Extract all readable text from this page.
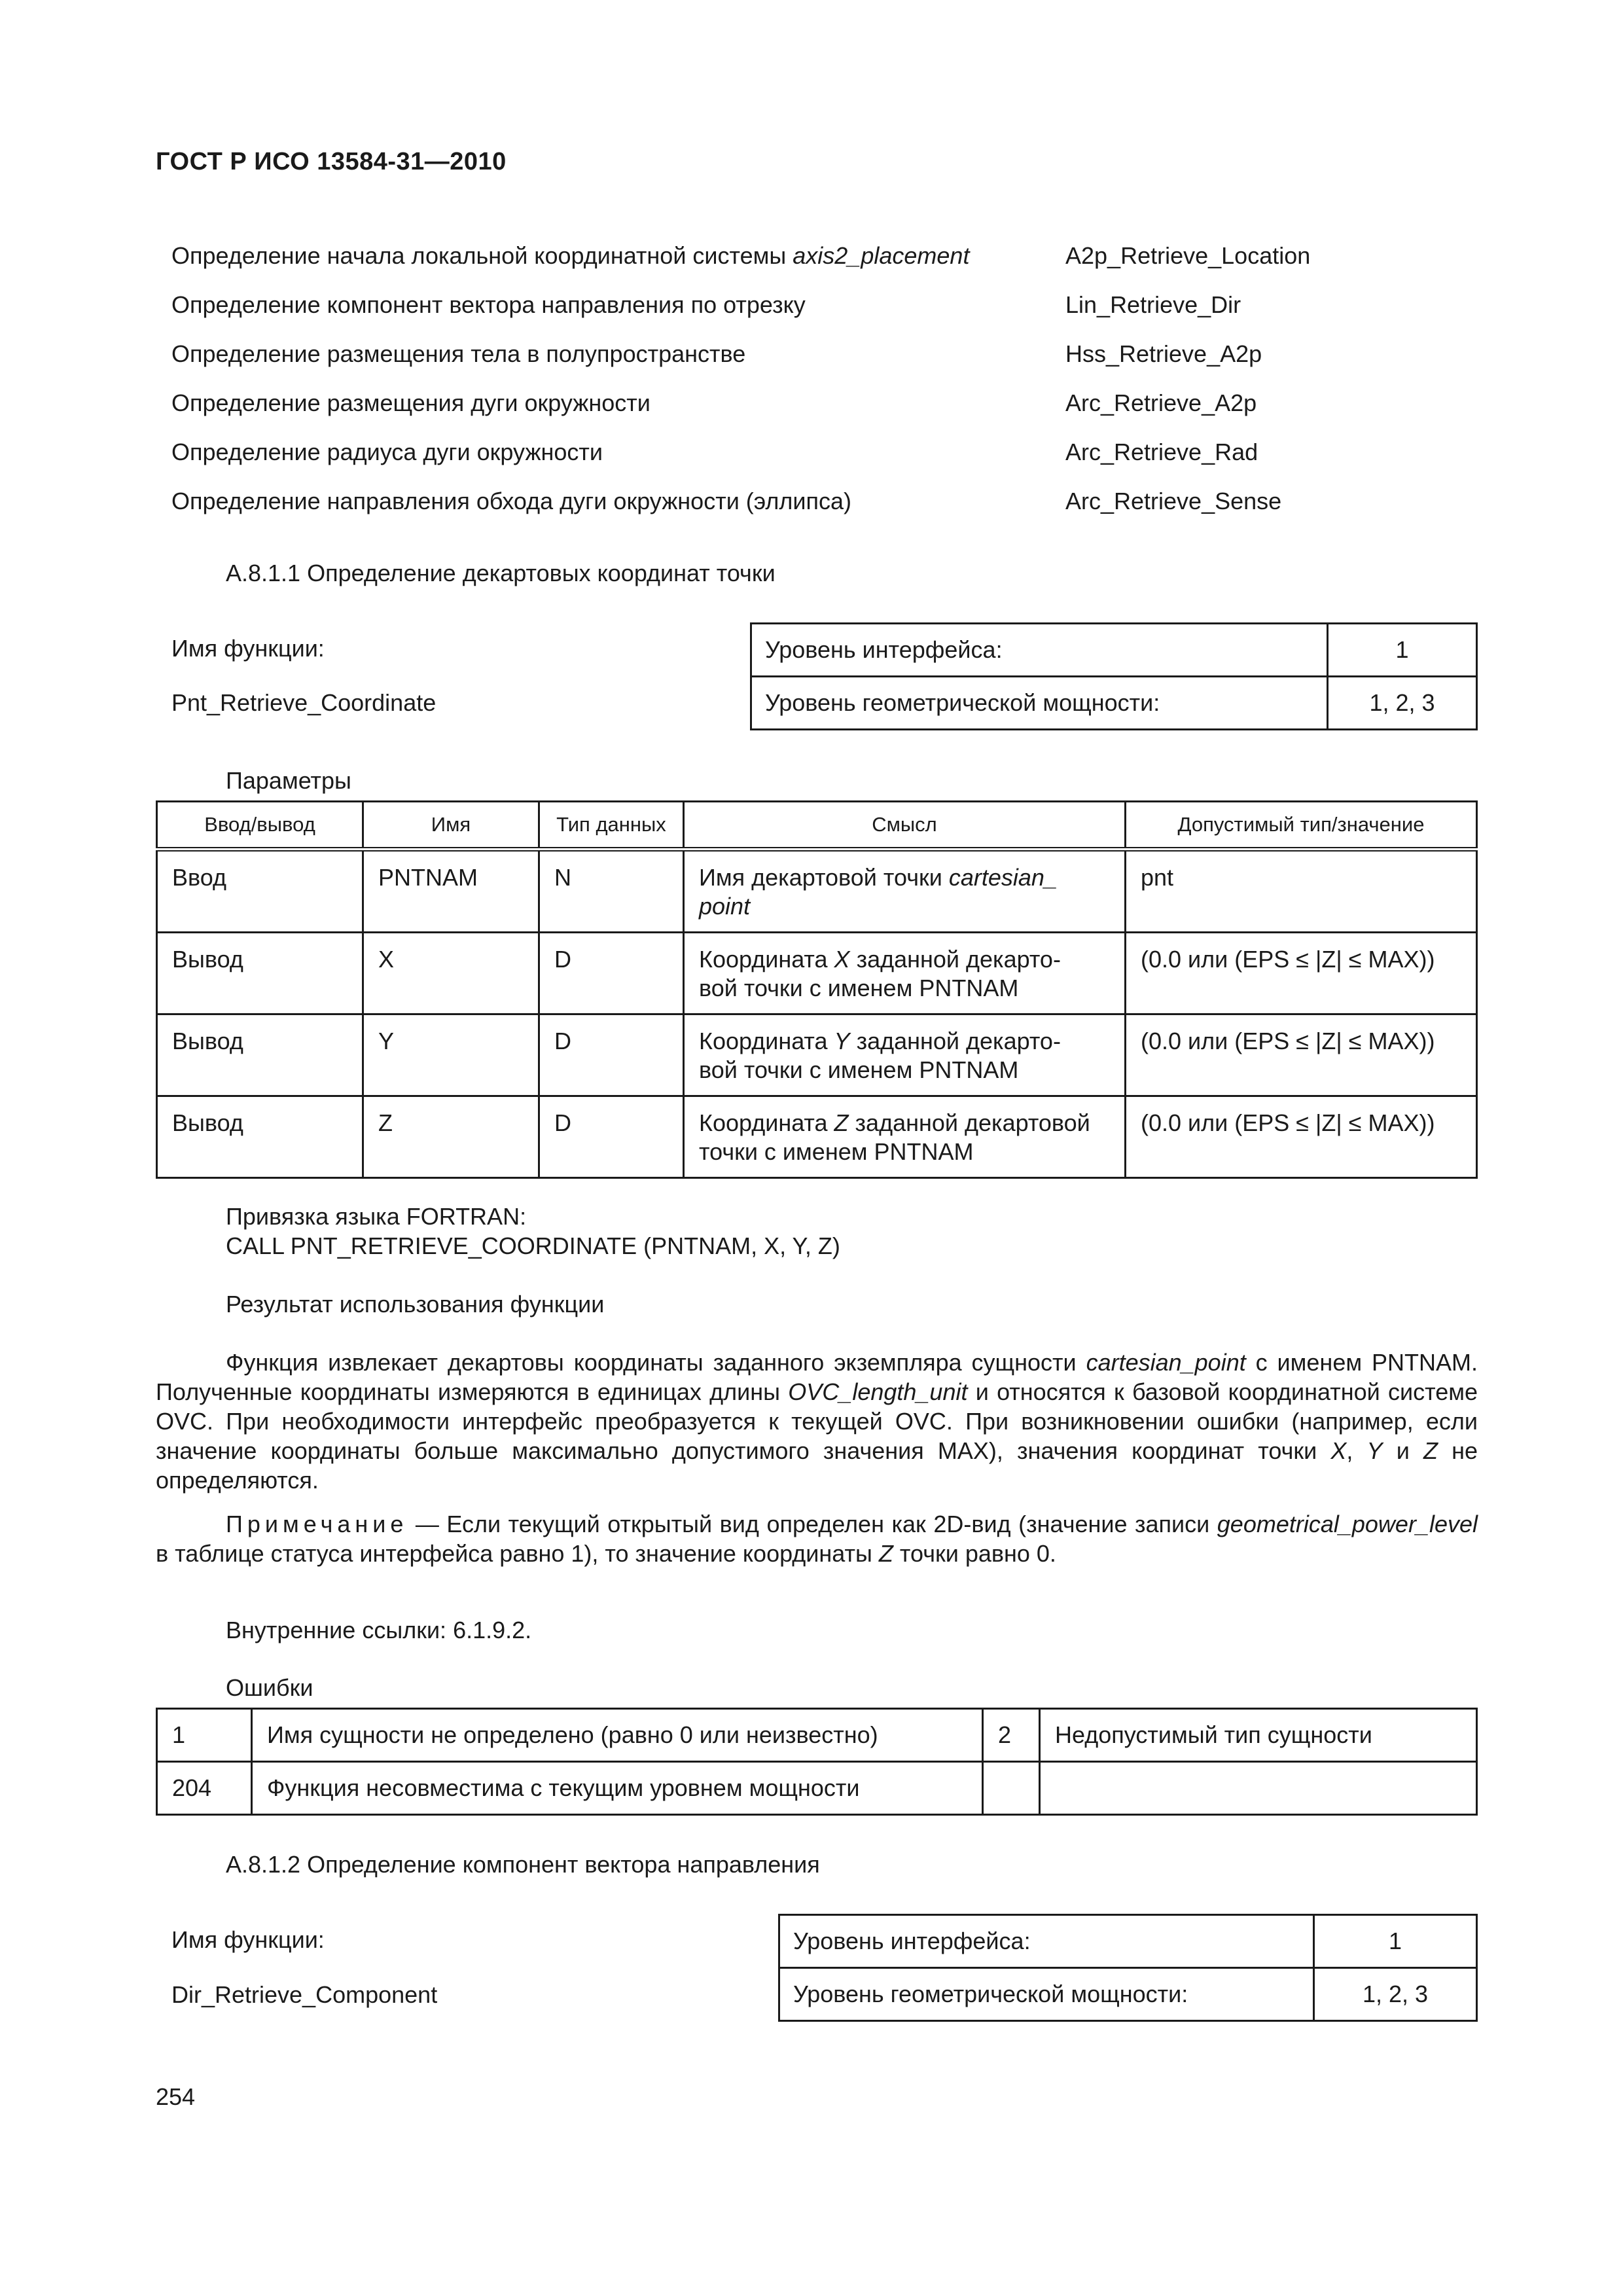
ГОСТ Р ИСО 13584-31—2010
Определение начала локальной координатной системы axis2_placement	A2p_Retrieve_Location
Определение компонент вектора направления по отрезку	Lin_Retrieve_Dir
Определение размещения тела в полупространстве	Hss_Retrieve_A2p
Определение размещения дуги окружности	Arc_Retrieve_A2p
Определение радиуса дуги окружности	Arc_Retrieve_Rad
Определение направления обхода дуги окружности (эллипса)	Arc_Retrieve_Sense
A.8.1.1 Определение декартовых координат точки
Имя функции:
Pnt_Retrieve_Coordinate
Уровень интерфейса:	1
Уровень геометрической мощности:	1, 2, 3
Параметры
Ввод/вывод	Имя	Тип данных	Смысл	Допустимый тип/значение
Ввод	PNTNAM	N	Имя декартовой точки cartesian_
point	pnt
Вывод	X	D	Координата X заданной декарто-
вой точки с именем PNTNAM	(0.0 или (EPS ≤ |Z| ≤ MAX))
Вывод	Y	D	Координата Y заданной декарто-
вой точки с именем PNTNAM	(0.0 или (EPS ≤ |Z| ≤ MAX))
Вывод	Z	D	Координата Z заданной декартовой
точки с именем PNTNAM	(0.0 или (EPS ≤ |Z| ≤ MAX))
Привязка языка FORTRAN:
CALL PNT_RETRIEVE_COORDINATE (PNTNAM, X, Y, Z)
Результат использования функции
Функция извлекает декартовы координаты заданного экземпляра сущности cartesian_point с именем PNTNAM. Полученные координаты измеряются в единицах длины OVC_length_unit и относятся к базовой координатной системе OVC. При необходимости интерфейс преобразуется к текущей OVC. При возникновении ошибки (например, если значение координаты больше максимально допустимого значения MAX), значения координат точки X, Y и Z не определяются.
Примечание — Если текущий открытый вид определен как 2D-вид (значение записи geometrical_power_level в таблице статуса интерфейса равно 1), то значение координаты Z точки равно 0.
Внутренние ссылки: 6.1.9.2.
Ошибки
1	Имя сущности не определено (равно 0 или неизвестно)	2	Недопустимый тип сущности
204	Функция несовместима с текущим уровнем мощности		
A.8.1.2 Определение компонент вектора направления
Имя функции:
Dir_Retrieve_Component
Уровень интерфейса:	1
Уровень геометрической мощности:	1, 2, 3
254
